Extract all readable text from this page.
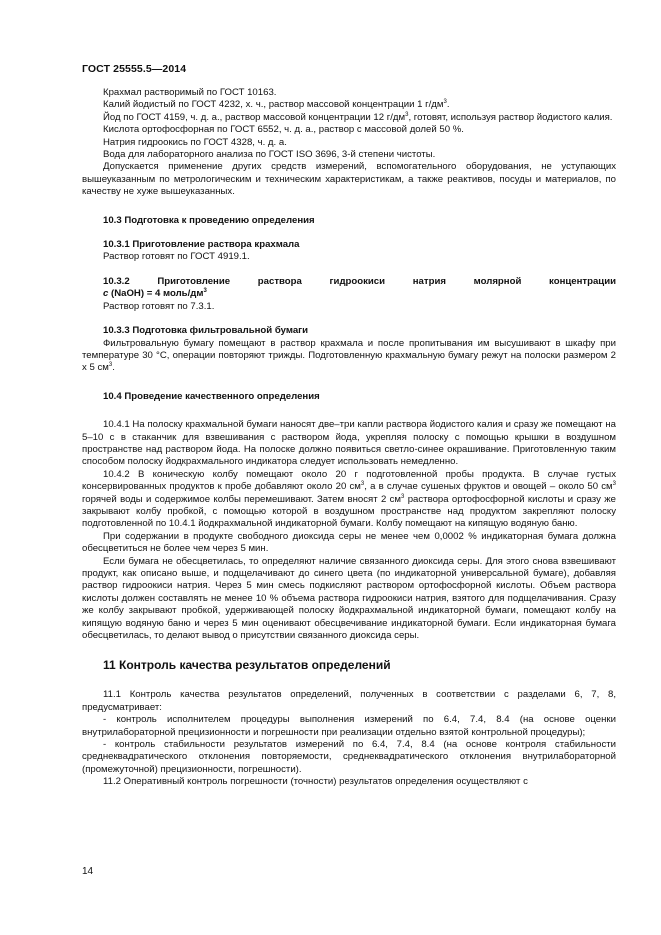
ГОСТ 25555.5—2014

Крахмал растворимый по ГОСТ 10163.

Калий йодистый по ГОСТ 4232, х. ч., раствор массовой концентрации 1 $г/дм^3$.

Йод по ГОСТ 4159, ч. д. а., раствор массовой концентрации 12 $г/дм^3$, готовят, используя раствор йодистого калия.

Кислота ортофосфорная по ГОСТ 6552, ч. д. а., раствор с массовой долей 50 %.

Натрия гидроокись по ГОСТ 4328, ч. д. а.

Вода для лабораторного анализа по ГОСТ ISO 3696, 3-й степени чистоты.

Допускается применение других средств измерений, вспомогательного оборудования, не уступающих вышеуказанным по метрологическим и техническим характеристикам, а также реактивов, посуды и материалов, по качеству не хуже вышеуказанных.

10.3 Подготовка к проведению определения

10.3.1 Приготовление раствора крахмала

Раствор готовят по ГОСТ 4919.1.

10.3.2	Приготовление	раствора	гидроокиси	натрия	молярной	концентрации

c (NaOH) = 4 моль/$дм^3$

Раствор готовят по 7.3.1.

10.3.3 Подготовка фильтровальной бумаги

Фильтровальную бумагу помещают в раствор крахмала и после пропитывания им высушивают в шкафу при температуре 30 °С, операции повторяют трижды. Подготовленную крахмальную бумагу режут на полоски размером 2 х 5 $см^3$.

10.4 Проведение качественного определения

10.4.1 На полоску крахмальной бумаги наносят две–три капли раствора йодистого калия и сразу же помещают на 5–10 с в стаканчик для взвешивания с раствором йода, укрепляя полоску с помощью крышки в воздушном пространстве над раствором йода. На полоске должно появиться светло-синее окрашивание. Приготовленную таким способом полоску йодкрахмального индикатора следует использовать немедленно.

10.4.2 В коническую колбу помещают около 20 г подготовленной пробы продукта. В случае густых консервированных продуктов к пробе добавляют около 20 $см^3$, а в случае сушеных фруктов и овощей – около 50 $см^3$ горячей воды и содержимое колбы перемешивают. Затем вносят 2 $см^3$ раствора ортофосфорной кислоты и сразу же закрывают колбу пробкой, с помощью которой в воздушном пространстве над продуктом закрепляют полоску подготовленной по 10.4.1 йодкрахмальной индикаторной бумаги. Колбу помещают на кипящую водяную баню.

При содержании в продукте свободного диоксида серы не менее чем 0,0002 % индикаторная бумага должна обесцветиться не более чем через 5 мин.

Если бумага не обесцветилась, то определяют наличие связанного диоксида серы. Для этого снова взвешивают продукт, как описано выше, и подщелачивают до синего цвета (по индикаторной универсальной бумаге), добавляя раствор гидроокиси натрия. Через 5 мин смесь подкисляют раствором ортофосфорной кислоты. Объем раствора кислоты должен составлять не менее 10 % объема раствора гидроокиси натрия, взятого для подщелачивания. Сразу же колбу закрывают пробкой, удерживающей полоску йодкрахмальной индикаторной бумаги, помещают колбу на кипящую водяную баню и через 5 мин оценивают обесцвечивание индикаторной бумаги. Если индикаторная бумага обесцветилась, то делают вывод о присутствии связанного диоксида серы.

11 Контроль качества результатов определений

11.1 Контроль качества результатов определений, полученных в соответствии с разделами 6, 7, 8, предусматривает:

- контроль исполнителем процедуры выполнения измерений по 6.4, 7.4, 8.4 (на основе оценки внутрилабораторной прецизионности и погрешности при реализации отдельно взятой контрольной процедуры);

- контроль стабильности результатов измерений по 6.4, 7.4, 8.4 (на основе контроля стабильности среднеквадратического отклонения повторяемости, среднеквадратического отклонения внутрилабораторной (промежуточной) прецизионности, погрешности).

11.2 Оперативный контроль погрешности (точности) результатов определения осуществляют с

14
